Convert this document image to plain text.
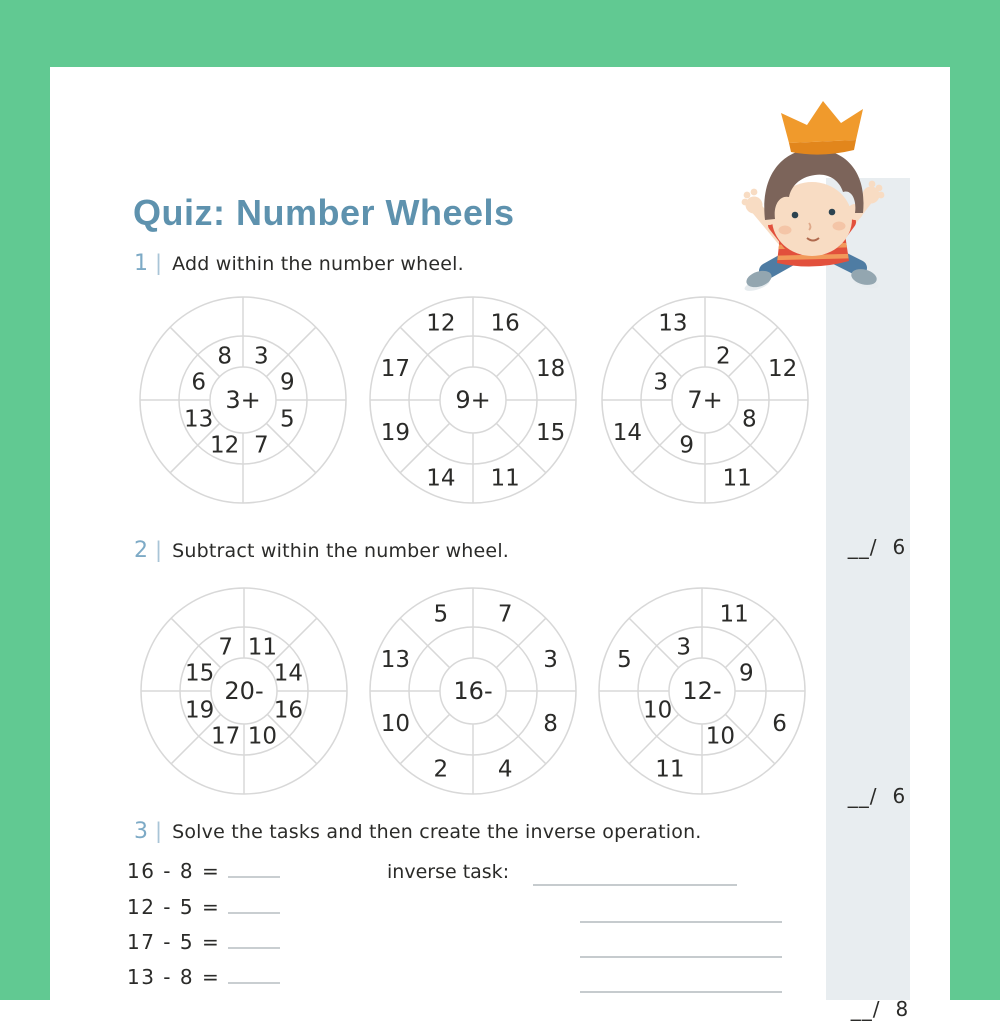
Quiz: Number Wheels
1 | Add within the number wheel.
8 3
9
5
7
12
13
6
3+
12 16
18
15
11
14
19
17
9+
13
2 12
8
11
9
14
3
7+

__/ 6

2 | Subtract within the number wheel.
7 11
14
16
10
17
19
15
20-
5 7
3
8
4
2
10
13
16-
3
11
9
6
10
11
10
5
12-

__/ 6

3 | Solve the tasks and then create the inverse operation.
16 - 8 =	inverse task:
12 - 5 =
17 - 5 =
13 - 8 =

__/ 8
